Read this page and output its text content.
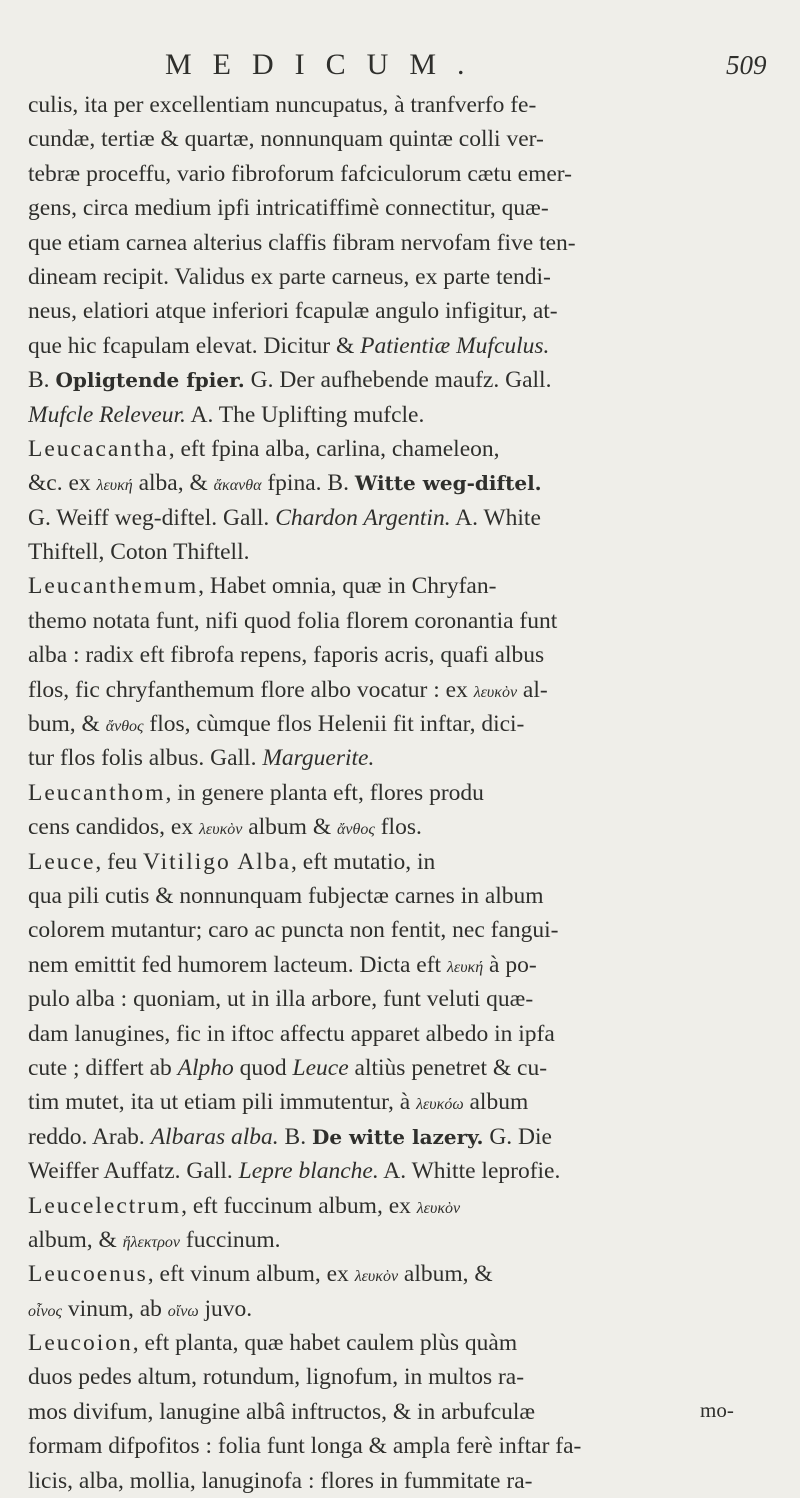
MEDICUM.	509
culis, ita per excellentiam nuncupatus, à tranfverfo fe-
cundæ, tertiæ & quartæ, nonnunquam quintæ colli ver-
tebræ proceffu, vario fibroforum fafciculorum cætu emer-
gens, circa medium ipfi intricatiffimè connectitur, quæ-
que etiam carnea alterius claffis fibram nervofam five ten-
dineam recipit. Validus ex parte carneus, ex parte tendi-
neus, elatiori atque inferiori fcapulæ angulo infigitur, at-
que hic fcapulam elevat. Dicitur & Patientiæ Mufculus.
B. Opligtende fpier. G. Der aufhebende maufz. Gall.
Mufcle Releveur. A. The Uplifting mufcle.
Leucacantha, eft fpina alba, carlina, chameleon,
&c. ex λευκή alba, & ἄκανθα fpina. B. Witte weg-diftel.
G. Weiff weg-diftel. Gall. Chardon Argentin. A. White
Thiftell, Coton Thiftell.
Leucanthemum, Habet omnia, quæ in Chryfan-
themo notata funt, nifi quod folia florem coronantia funt
alba : radix eft fibrofa repens, faporis acris, quafi albus
flos, fic chryfanthemum flore albo vocatur : ex λευκὸν al-
bum, & ἄνθος flos, cùmque flos Helenii fit inftar, dici-
tur flos folis albus. Gall. Marguerite.
Leucanthom, in genere planta eft, flores produ
cens candidos, ex λευκὸν album & ἄνθος flos.
Leuce, feu Vitiligo Alba, eft mutatio, in
qua pili cutis & nonnunquam fubjectæ carnes in album
colorem mutantur; caro ac puncta non fentit, nec fangui-
nem emittit fed humorem lacteum. Dicta eft λευκή à po-
pulo alba : quoniam, ut in illa arbore, funt veluti quæ-
dam lanugines, fic in iftoc affectu apparet albedo in ipfa
cute ; differt ab Alpho quod Leuce altiùs penetret & cu-
tim mutet, ita ut etiam pili immutentur, à λευκόω album
reddo. Arab. Albaras alba. B. De witte lazery. G. Die
Weiffer Auffatz. Gall. Lepre blanche. A. Whitte leprofie.
Leucelectrum, eft fuccinum album, ex λευκὸν
album, & ἤλεκτρον fuccinum.
Leucoenus, eft vinum album, ex λευκὸν album, &
οἶνος vinum, ab οἴνω juvo.
Leucoion, eft planta, quæ habet caulem plùs quàm
duos pedes altum, rotundum, lignofum, in multos ra-
mos divifum, lanugine albâ inftructos, & in arbufculæ
formam difpofitos : folia funt longa & ampla ferè inftar fa-
licis, alba, mollia, lanuginofa : flores in fummitate ra-
mo-
